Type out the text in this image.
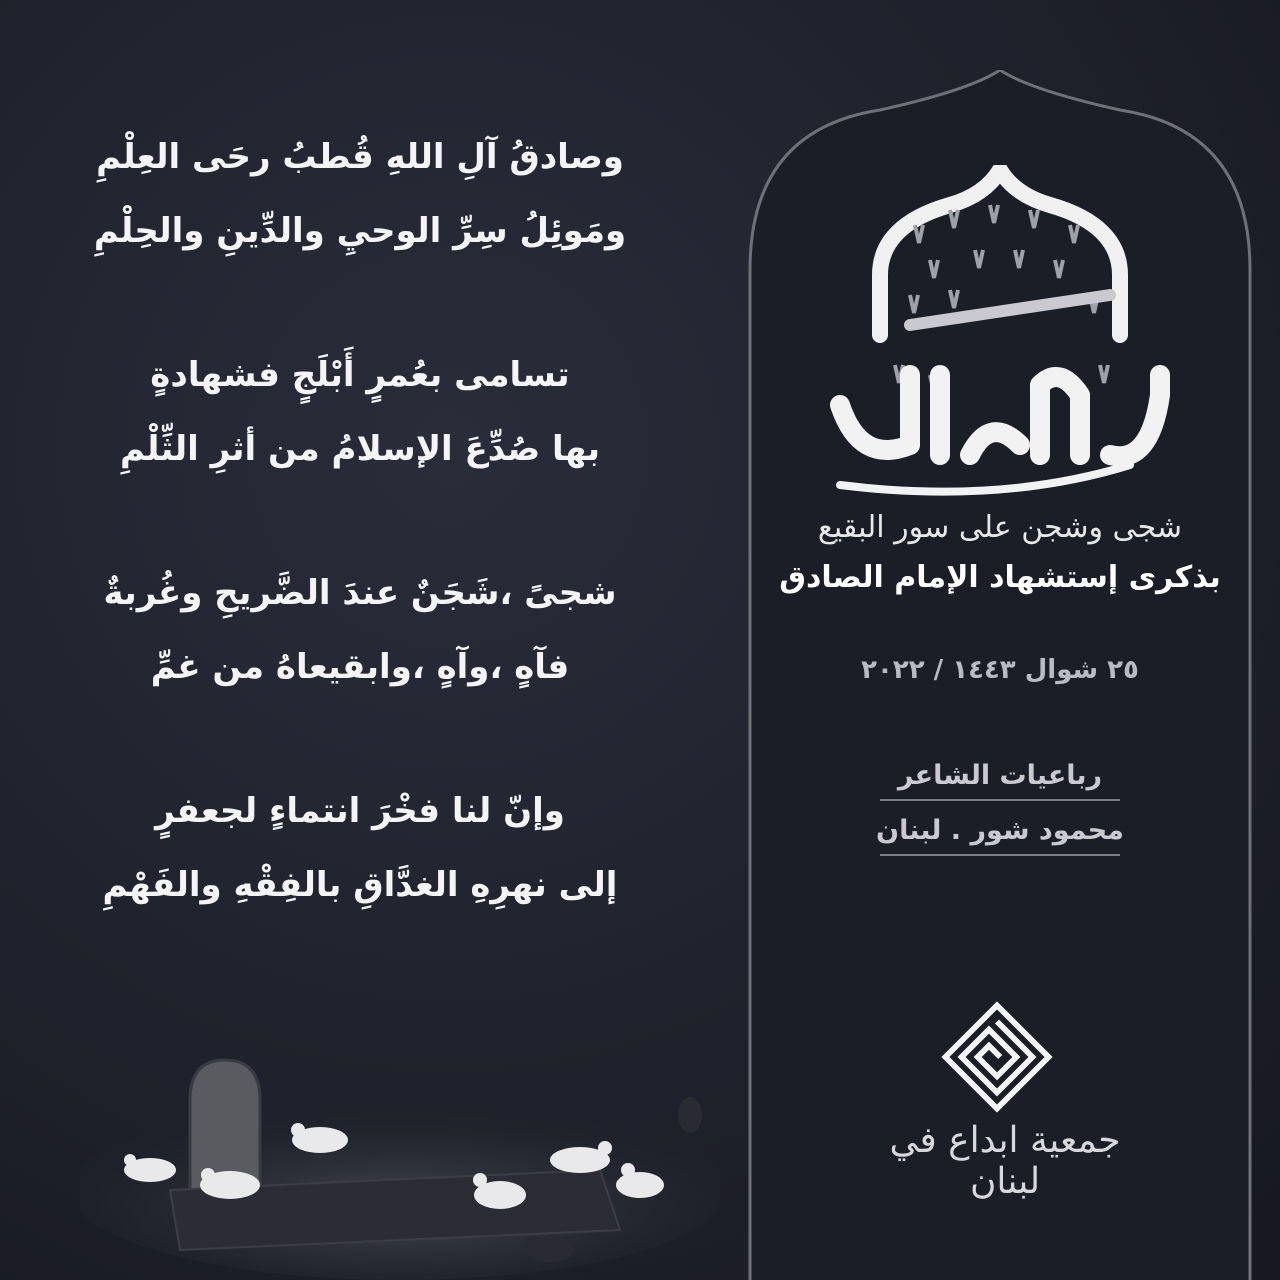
شجى وشجن على سور البقيع
بذكرى إستشهاد الإمام الصادق
٢٥ شوال ١٤٤٣ / ٢٠٢٢
رباعيات الشاعر
محمود شور . لبنان
جمعية ابداع في لبنان
وصادقُ آلِ اللهِ قُطبُ رحَى العِلْمِ
ومَوئِلُ سِرِّ الوحيِ والدِّينِ والحِلْمِ
تسامى بعُمرٍ أَبْلَجٍ فشهادةٍ
بها صُدِّعَ الإسلامُ من أثرِ الثِّلْمِ
شجىً ،شَجَنٌ عندَ الضَّريحِ وغُربةٌ
فآهٍ ،وآهٍ ،وابقيعاهُ من غمِّ
وإنّ لنا فخْرَ انتماءٍ لجعفرٍ
إلى نهرِهِ الغدَّاقِ بالفِقْهِ والفَهْمِ
